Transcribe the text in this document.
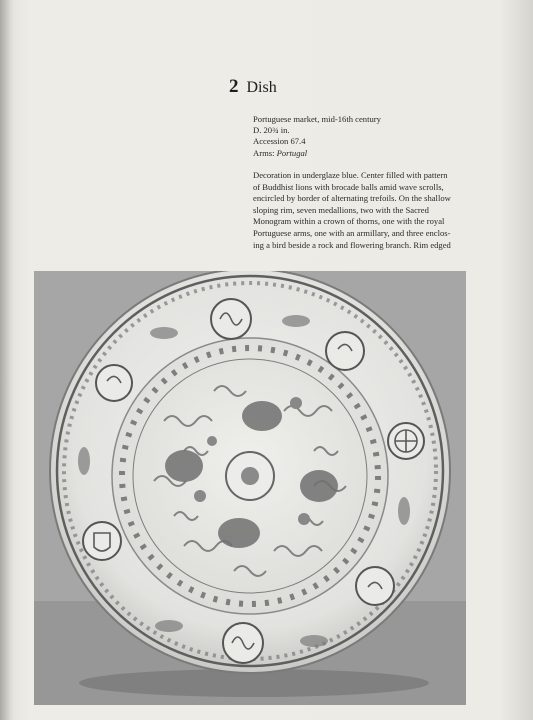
2 Dish
Portuguese market, mid-16th century
D. 20¾ in.
Accession 67.4
Arms: Portugal
Decoration in underglaze blue. Center filled with pattern
of Buddhist lions with brocade balls amid wave scrolls,
encircled by border of alternating trefoils. On the shallow
sloping rim, seven medallions, two with the Sacred
Monogram within a crown of thorns, one with the royal
Portuguese arms, one with an armillary, and three enclos-
ing a bird beside a rock and flowering branch. Rim edged
